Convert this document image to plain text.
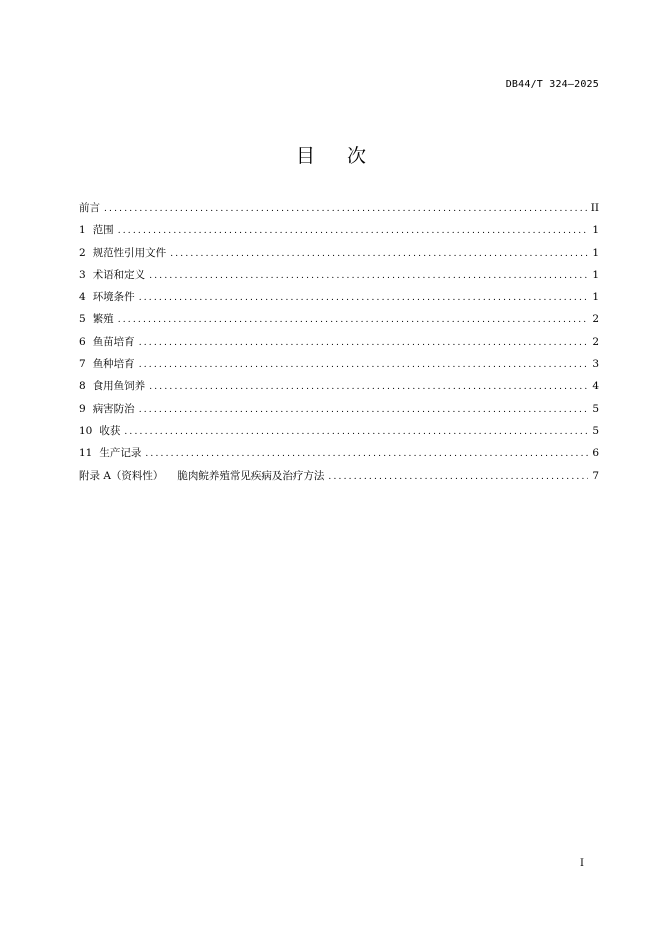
DB44/T 324—2025
目 次
前言 .....	II
1 范围 .....	1
2 规范性引用文件 .....	1
3 术语和定义 .....	1
4 环境条件 .....	1
5 繁殖 .....	2
6 鱼苗培育 .....	2
7 鱼种培育 .....	3
8 食用鱼饲养 .....	4
9 病害防治 .....	5
10 收获 .....	5
11 生产记录 .....	6
附录 A（资料性） 脆肉鲩养殖常见疾病及治疗方法 .....	7
I
